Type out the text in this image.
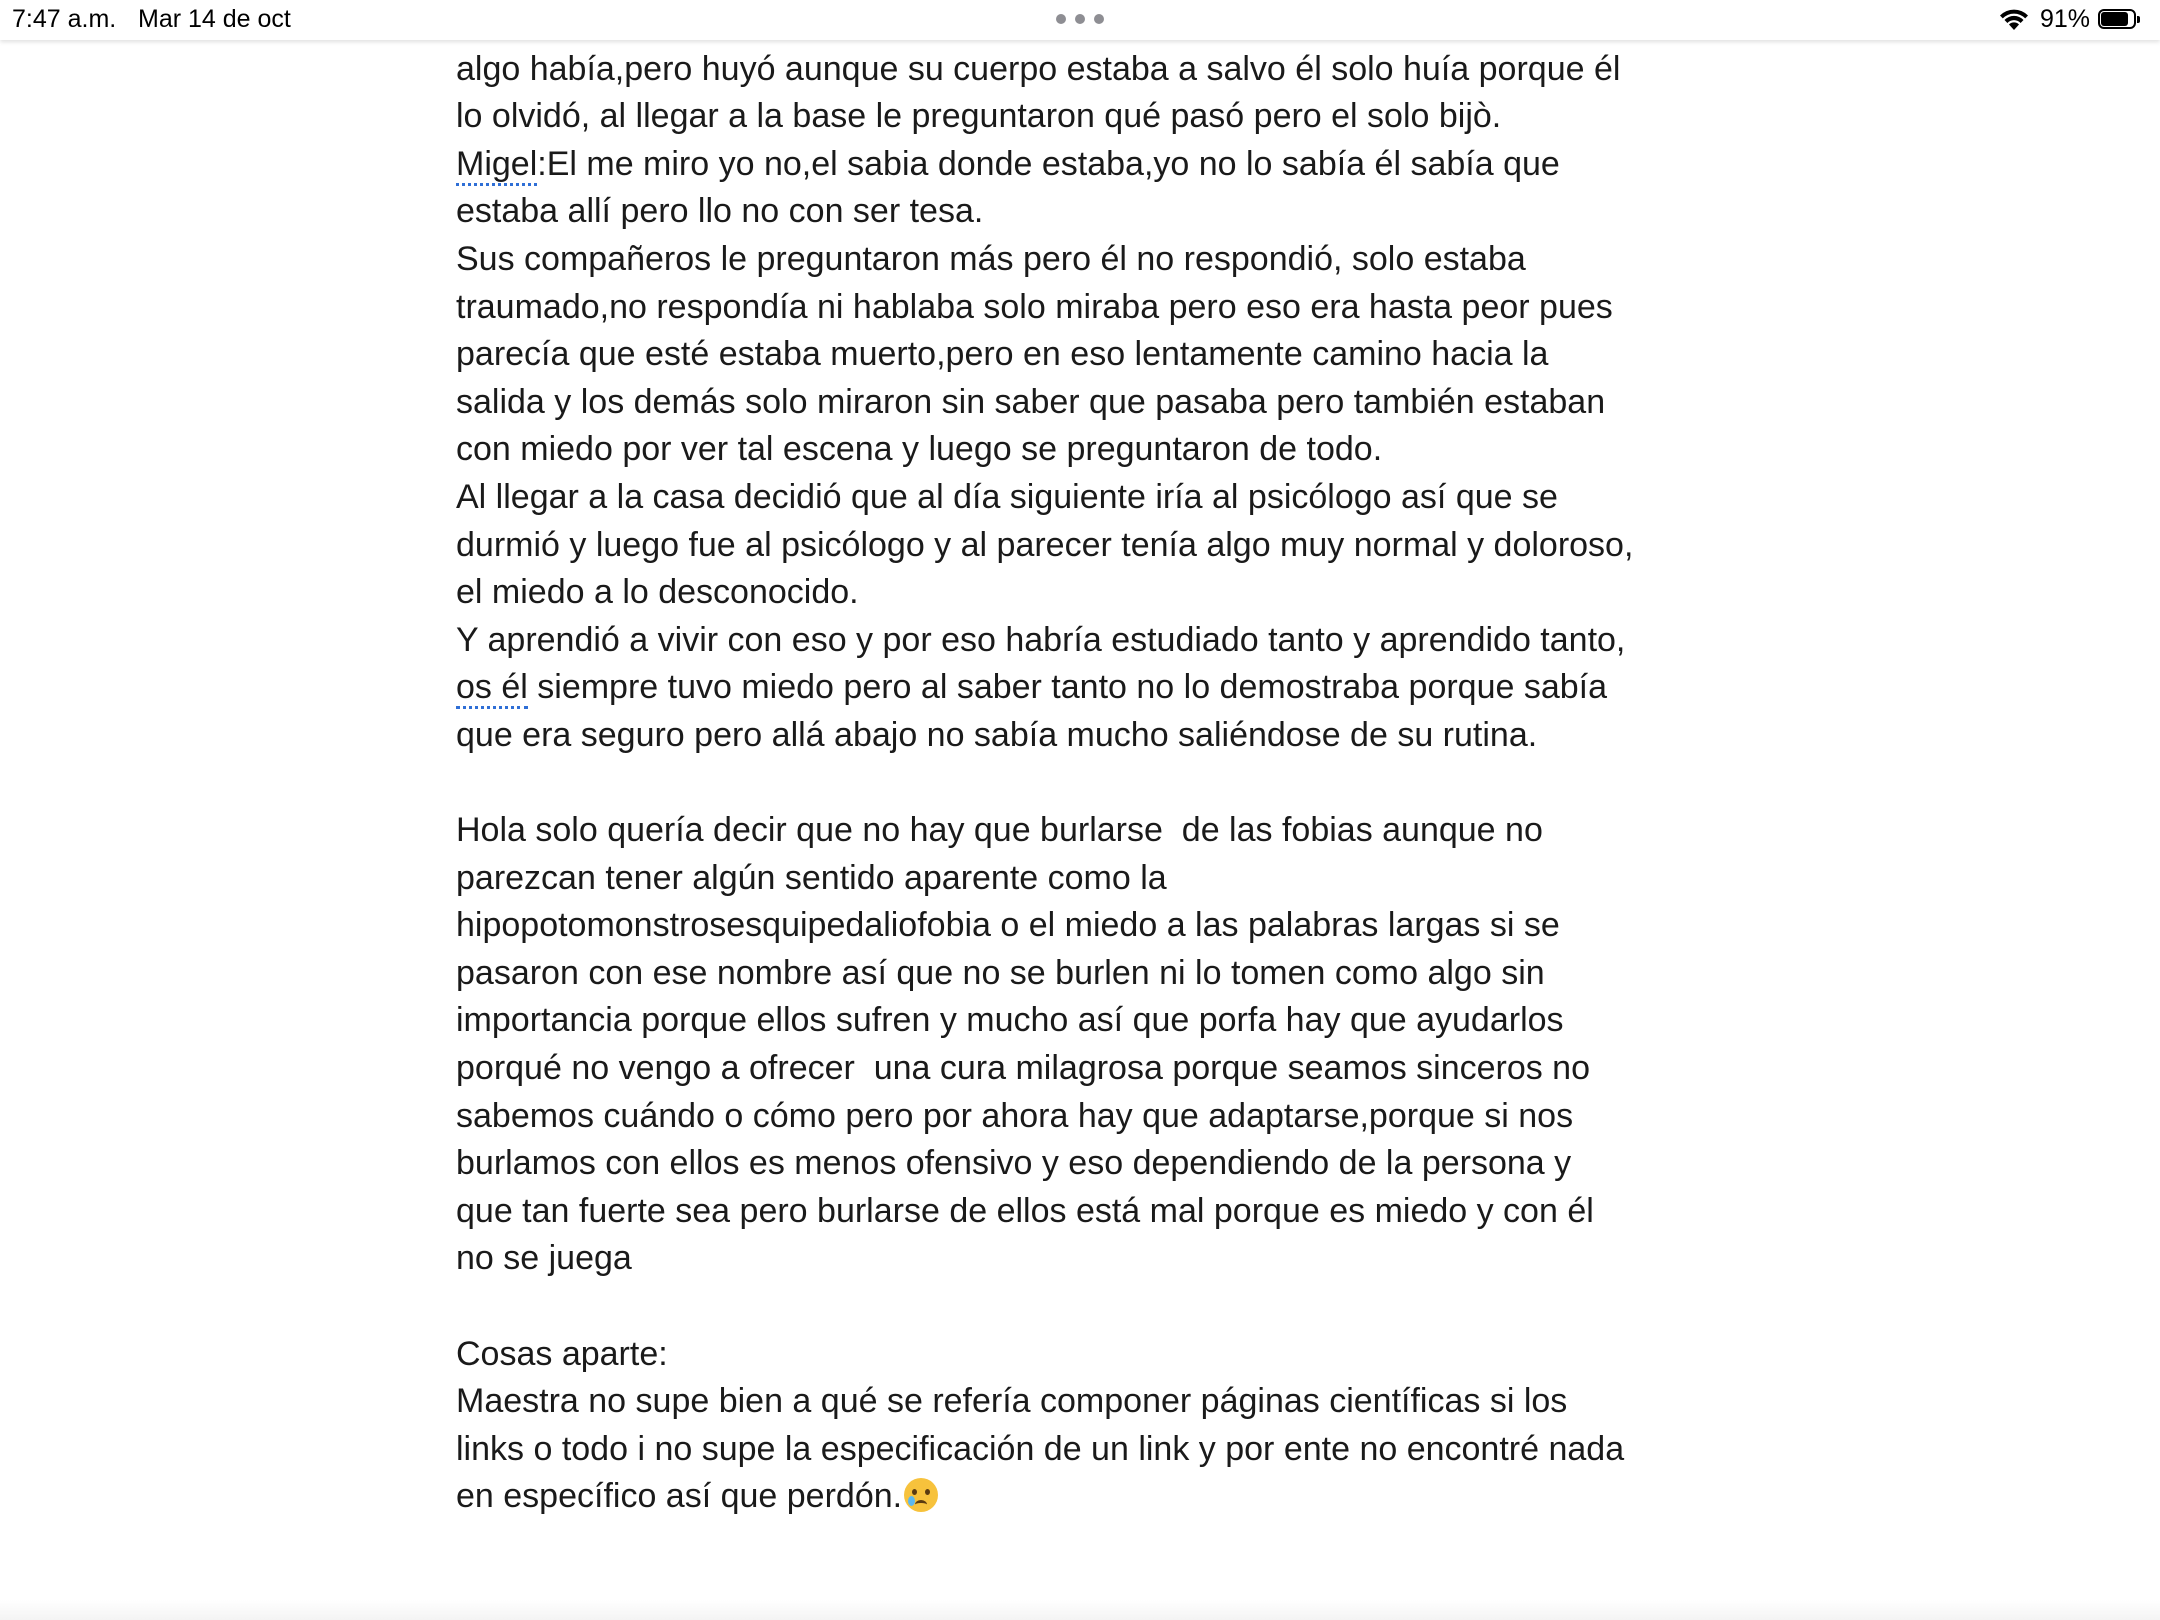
7:47 a.m. Mar 14 de oct	91%
algo había,pero huyó aunque su cuerpo estaba a salvo él solo huía porque él
lo olvidó, al llegar a la base le preguntaron qué pasó pero el solo bijò.
Migel:El me miro yo no,el sabia donde estaba,yo no lo sabía él sabía que
estaba allí pero llo no con ser tesa.
Sus compañeros le preguntaron más pero él no respondió, solo estaba
traumado,no respondía ni hablaba solo miraba pero eso era hasta peor pues
parecía que esté estaba muerto,pero en eso lentamente camino hacia la
salida y los demás solo miraron sin saber que pasaba pero también estaban
con miedo por ver tal escena y luego se preguntaron de todo.
Al llegar a la casa decidió que al día siguiente iría al psicólogo así que se
durmió y luego fue al psicólogo y al parecer tenía algo muy normal y doloroso,
el miedo a lo desconocido.
Y aprendió a vivir con eso y por eso habría estudiado tanto y aprendido tanto,
os él siempre tuvo miedo pero al saber tanto no lo demostraba porque sabía
que era seguro pero allá abajo no sabía mucho saliéndose de su rutina.
Hola solo quería decir que no hay que burlarse  de las fobias aunque no
parezcan tener algún sentido aparente como la
hipopotomonstrosesquipedaliofobia o el miedo a las palabras largas si se
pasaron con ese nombre así que no se burlen ni lo tomen como algo sin
importancia porque ellos sufren y mucho así que porfa hay que ayudarlos
porqué no vengo a ofrecer  una cura milagrosa porque seamos sinceros no
sabemos cuándo o cómo pero por ahora hay que adaptarse,porque si nos
burlamos con ellos es menos ofensivo y eso dependiendo de la persona y
que tan fuerte sea pero burlarse de ellos está mal porque es miedo y con él
no se juega
Cosas aparte:
Maestra no supe bien a qué se refería componer páginas científicas si los
links o todo i no supe la especificación de un link y por ente no encontré nada
en específico así que perdón.
